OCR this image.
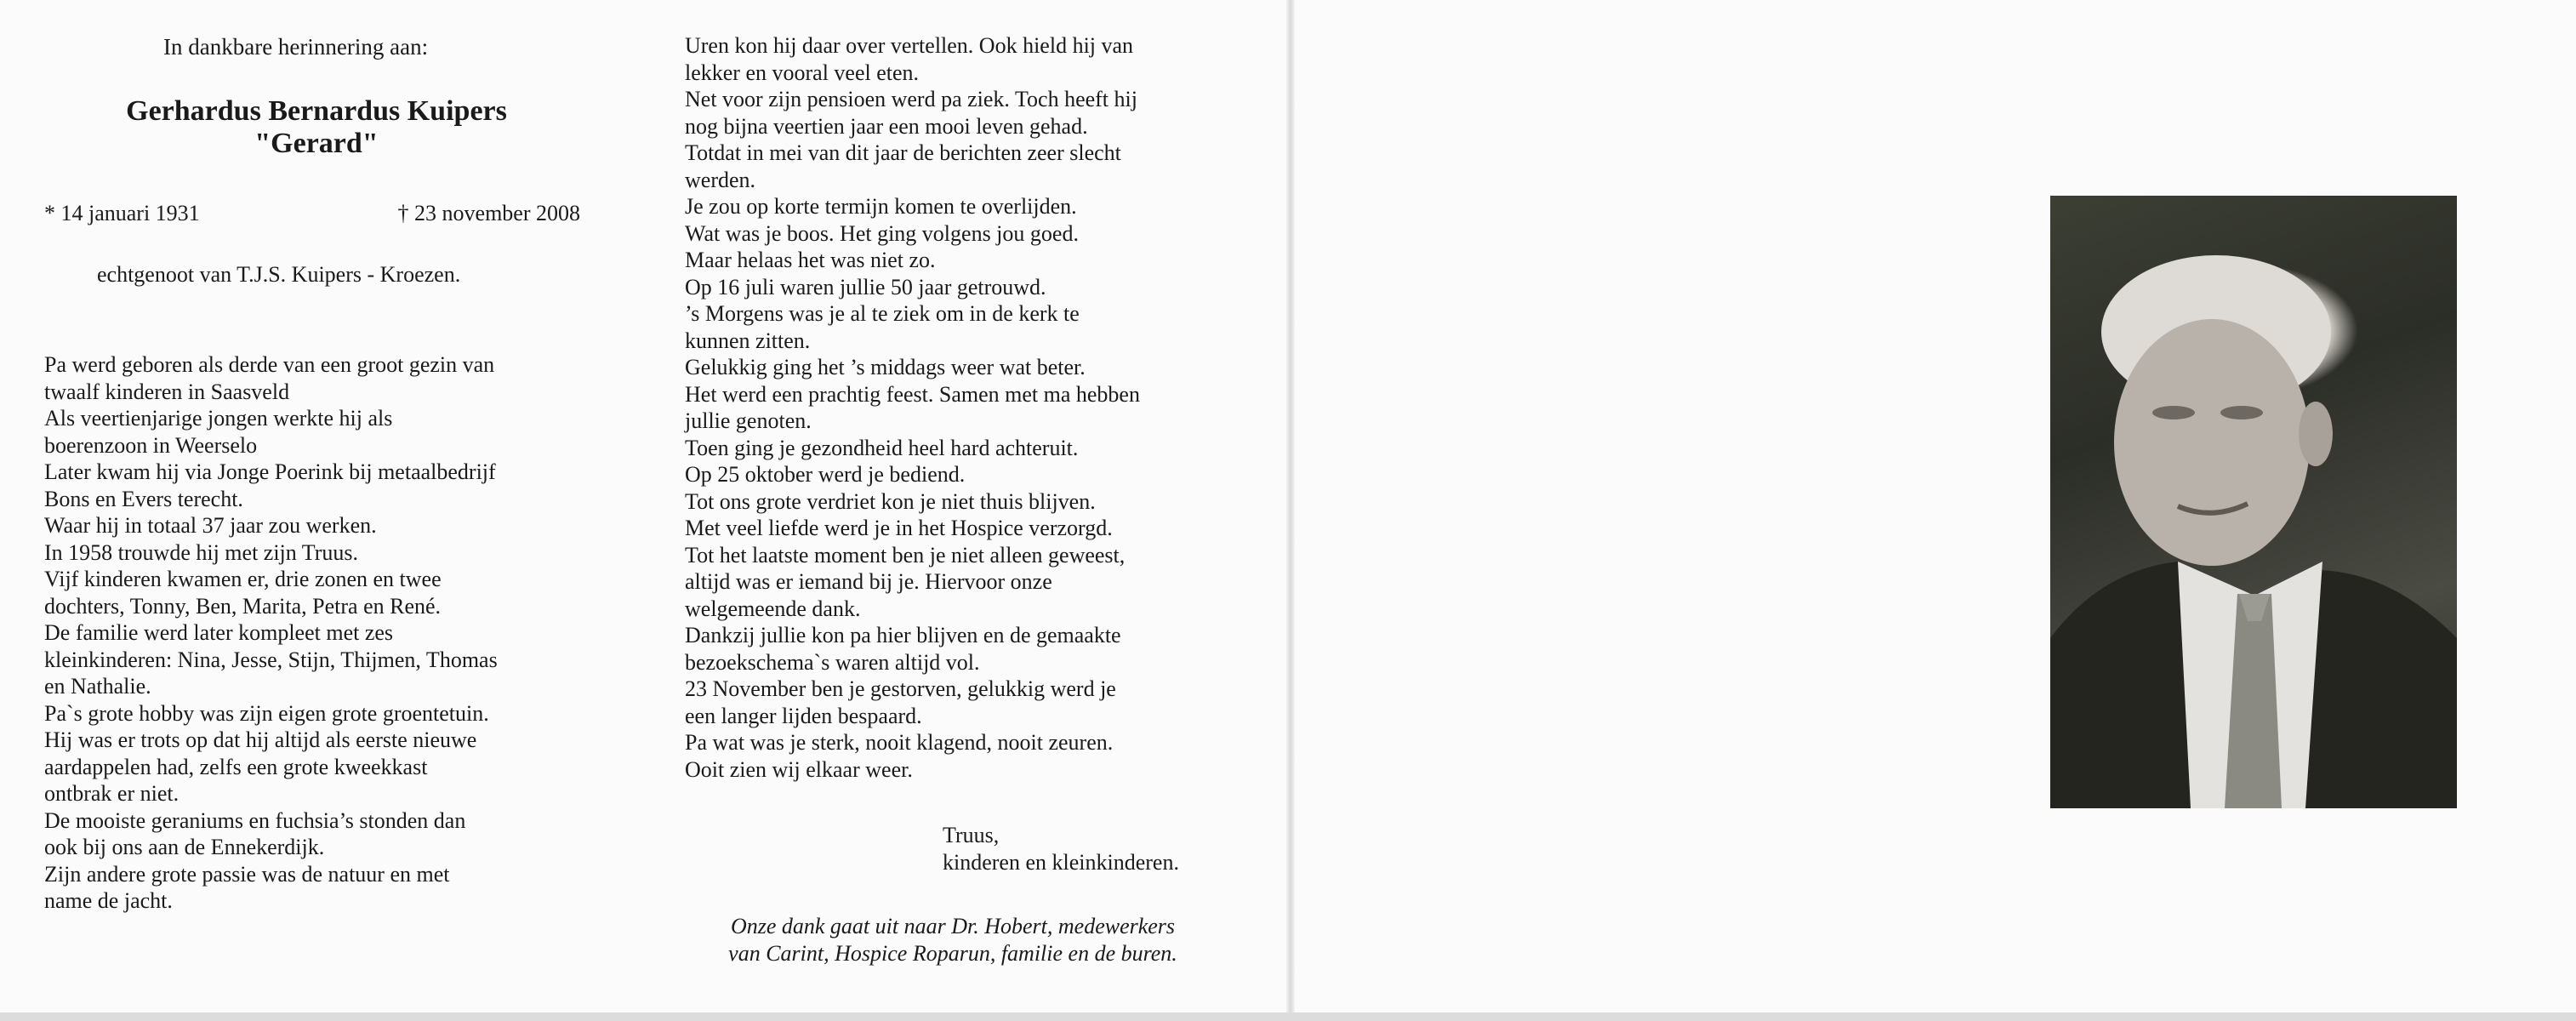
In dankbare herinnering aan:
Gerhardus Bernardus Kuipers
"Gerard"
* 14 januari 1931	† 23 november 2008
echtgenoot van T.J.S. Kuipers - Kroezen.
Pa werd geboren als derde van een groot gezin van
twaalf kinderen in Saasveld
Als veertienjarige jongen werkte hij als
boerenzoon in Weerselo
Later kwam hij via Jonge Poerink bij metaalbedrijf
Bons en Evers terecht.
Waar hij in totaal 37 jaar zou werken.
In 1958 trouwde hij met zijn Truus.
Vijf kinderen kwamen er, drie zonen en twee
dochters, Tonny, Ben, Marita, Petra en René.
De familie werd later kompleet met zes
kleinkinderen: Nina, Jesse, Stijn, Thijmen, Thomas
en Nathalie.
Pa`s grote hobby was zijn eigen grote groentetuin.
Hij was er trots op dat hij altijd als eerste nieuwe
aardappelen had, zelfs een grote kweekkast
ontbrak er niet.
De mooiste geraniums en fuchsia’s stonden dan
ook bij ons aan de Ennekerdijk.
Zijn andere grote passie was de natuur en met
name de jacht.
Uren kon hij daar over vertellen. Ook hield hij van
lekker en vooral veel eten.
Net voor zijn pensioen werd pa ziek. Toch heeft hij
nog bijna veertien jaar een mooi leven gehad.
Totdat in mei van dit jaar de berichten zeer slecht
werden.
Je zou op korte termijn komen te overlijden.
Wat was je boos. Het ging volgens jou goed.
Maar helaas het was niet zo.
Op 16 juli waren jullie 50 jaar getrouwd.
’s Morgens was je al te ziek om in de kerk te
kunnen zitten.
Gelukkig ging het ’s middags weer wat beter.
Het werd een prachtig feest. Samen met ma hebben
jullie genoten.
Toen ging je gezondheid heel hard achteruit.
Op 25 oktober werd je bediend.
Tot ons grote verdriet kon je niet thuis blijven.
Met veel liefde werd je in het Hospice verzorgd.
Tot het laatste moment ben je niet alleen geweest,
altijd was er iemand bij je. Hiervoor onze
welgemeende dank.
Dankzij jullie kon pa hier blijven en de gemaakte
bezoekschema`s waren altijd vol.
23 November ben je gestorven, gelukkig werd je
een langer lijden bespaard.
Pa wat was je sterk, nooit klagend, nooit zeuren.
Ooit zien wij elkaar weer.
Truus,
kinderen en kleinkinderen.
Onze dank gaat uit naar Dr. Hobert, medewerkers
van Carint, Hospice Roparun, familie en de buren.
